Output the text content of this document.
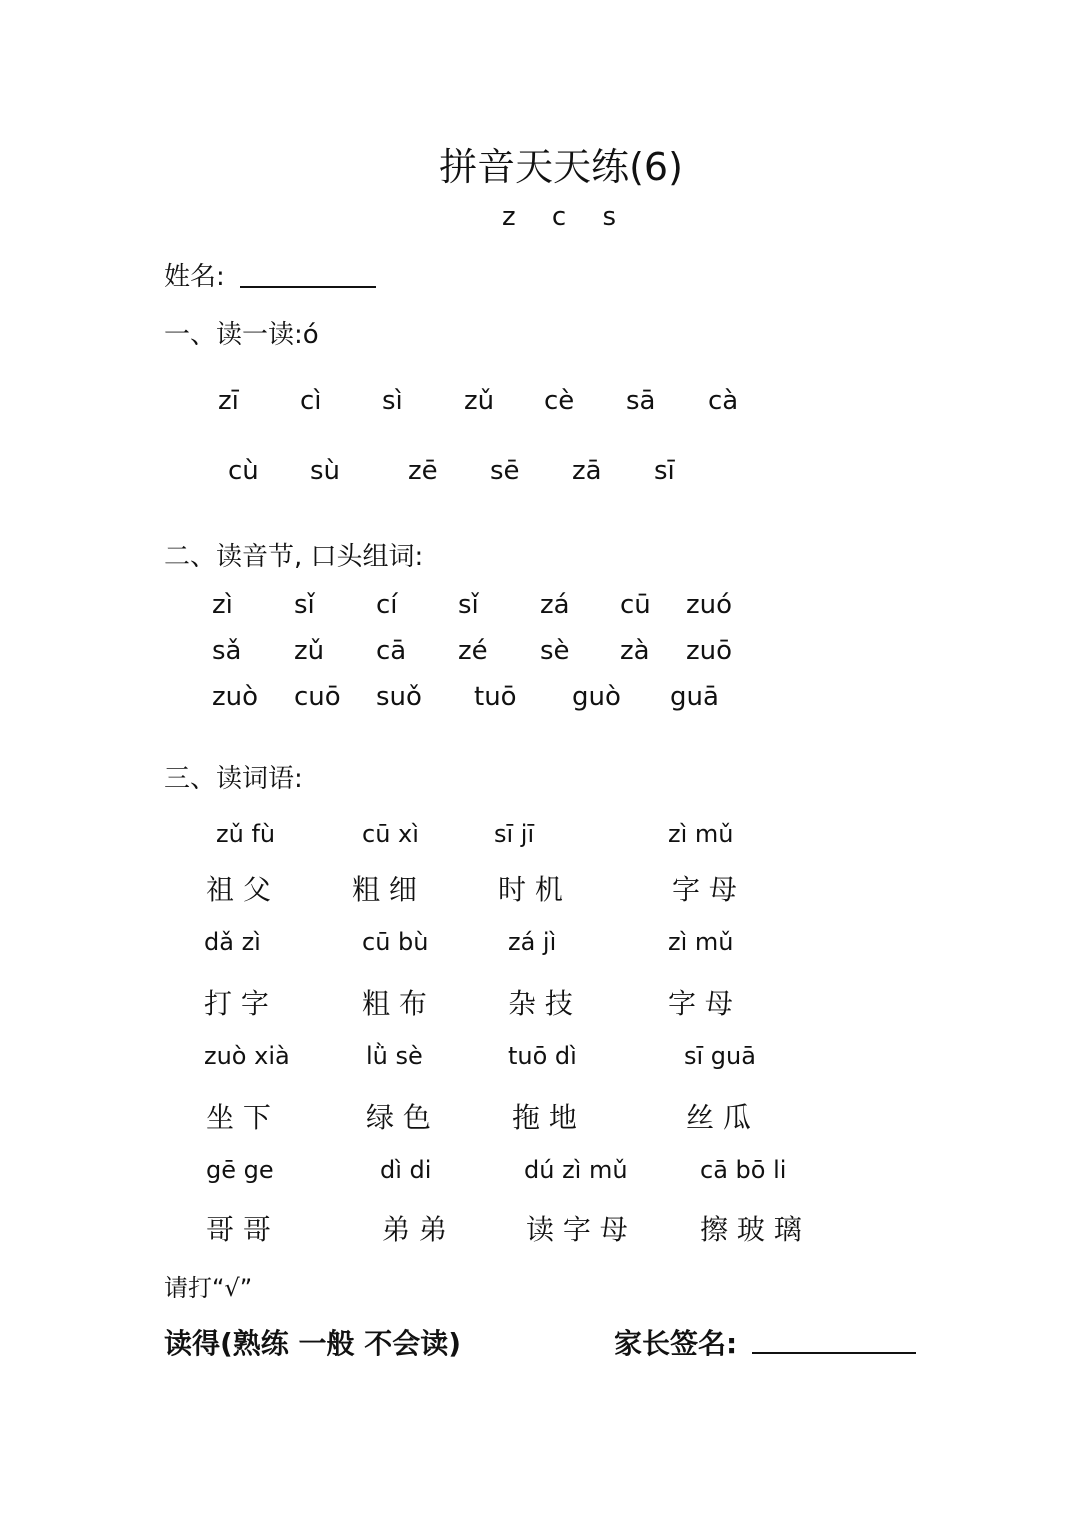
拼音天天练(6)
z c s
姓名:
一、读一读:ó
zī cì sì zǔ cè sā cà
cù sù	zē sē zā sī
二、读音节, 口头组词:
zì sǐ cí sǐ zá cū zuó
sǎ zǔ cā zé sè zà zuō
zuò cuō suǒ tuō guò guā
三、读词语:
zǔ fù	cū xì	sī jī	zì mǔ
祖 父	粗 细	时 机	字 母
dǎ zì	cū bù	zá jì	zì mǔ
打 字	粗 布	杂 技	字 母
zuò xià	lǜ sè	tuō dì	sī guā
坐 下	绿 色	拖 地	丝 瓜
gē ge	dì di	dú zì mǔ	cā bō li
哥 哥	弟 弟	读 字 母	擦 玻 璃
请打“√”
读得(熟练 一般 不会读)	家长签名:
